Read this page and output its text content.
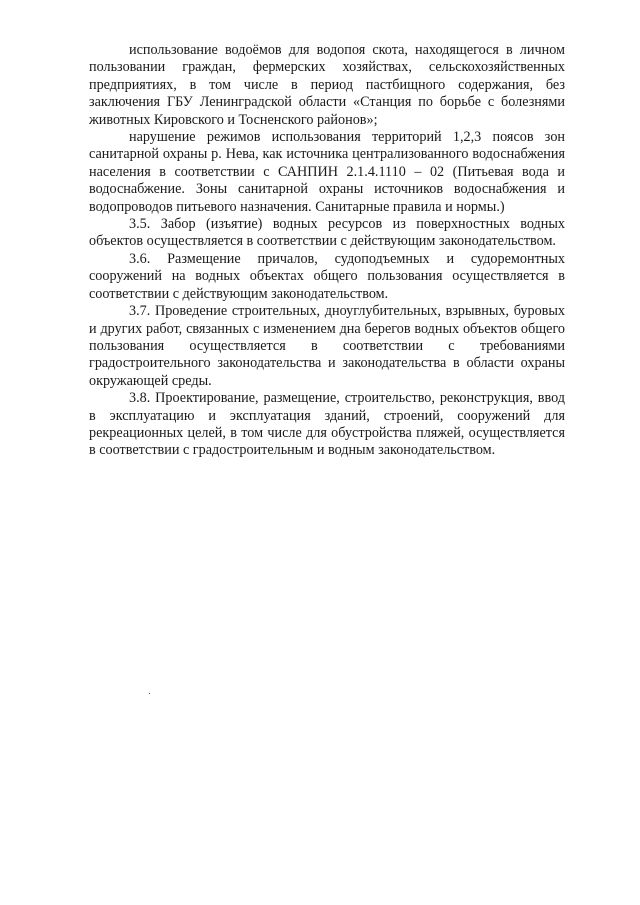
использование водоёмов для водопоя скота, находящегося в личном пользовании граждан, фермерских хозяйствах, сельскохозяйственных предприятиях, в том числе в период пастбищного содержания, без заключения ГБУ Ленинградской области «Станция по борьбе с болезнями животных Кировского и Тосненского районов»;

нарушение режимов использования территорий 1,2,3 поясов зон санитарной охраны р. Нева, как источника централизованного водоснабжения населения в соответствии с САНПИН 2.1.4.1110 – 02 (Питьевая вода и водоснабжение. Зоны санитарной охраны источников водоснабжения и водопроводов питьевого назначения. Санитарные правила и нормы.)

3.5. Забор (изъятие) водных ресурсов из поверхностных водных объектов осуществляется в соответствии с действующим законодательством.

3.6. Размещение причалов, судоподъемных и судоремонтных сооружений на водных объектах общего пользования осуществляется в соответствии с действующим законодательством.

3.7. Проведение строительных, дноуглубительных, взрывных, буровых и других работ, связанных с изменением дна берегов водных объектов общего пользования осуществляется в соответствии с требованиями градостроительного законодательства и законодательства в области охраны окружающей среды.

3.8. Проектирование, размещение, строительство, реконструкция, ввод в эксплуатацию и эксплуатация зданий, строений, сооружений для рекреационных целей, в том числе для обустройства пляжей, осуществляется в соответствии с градостроительным и водным законодательством.
